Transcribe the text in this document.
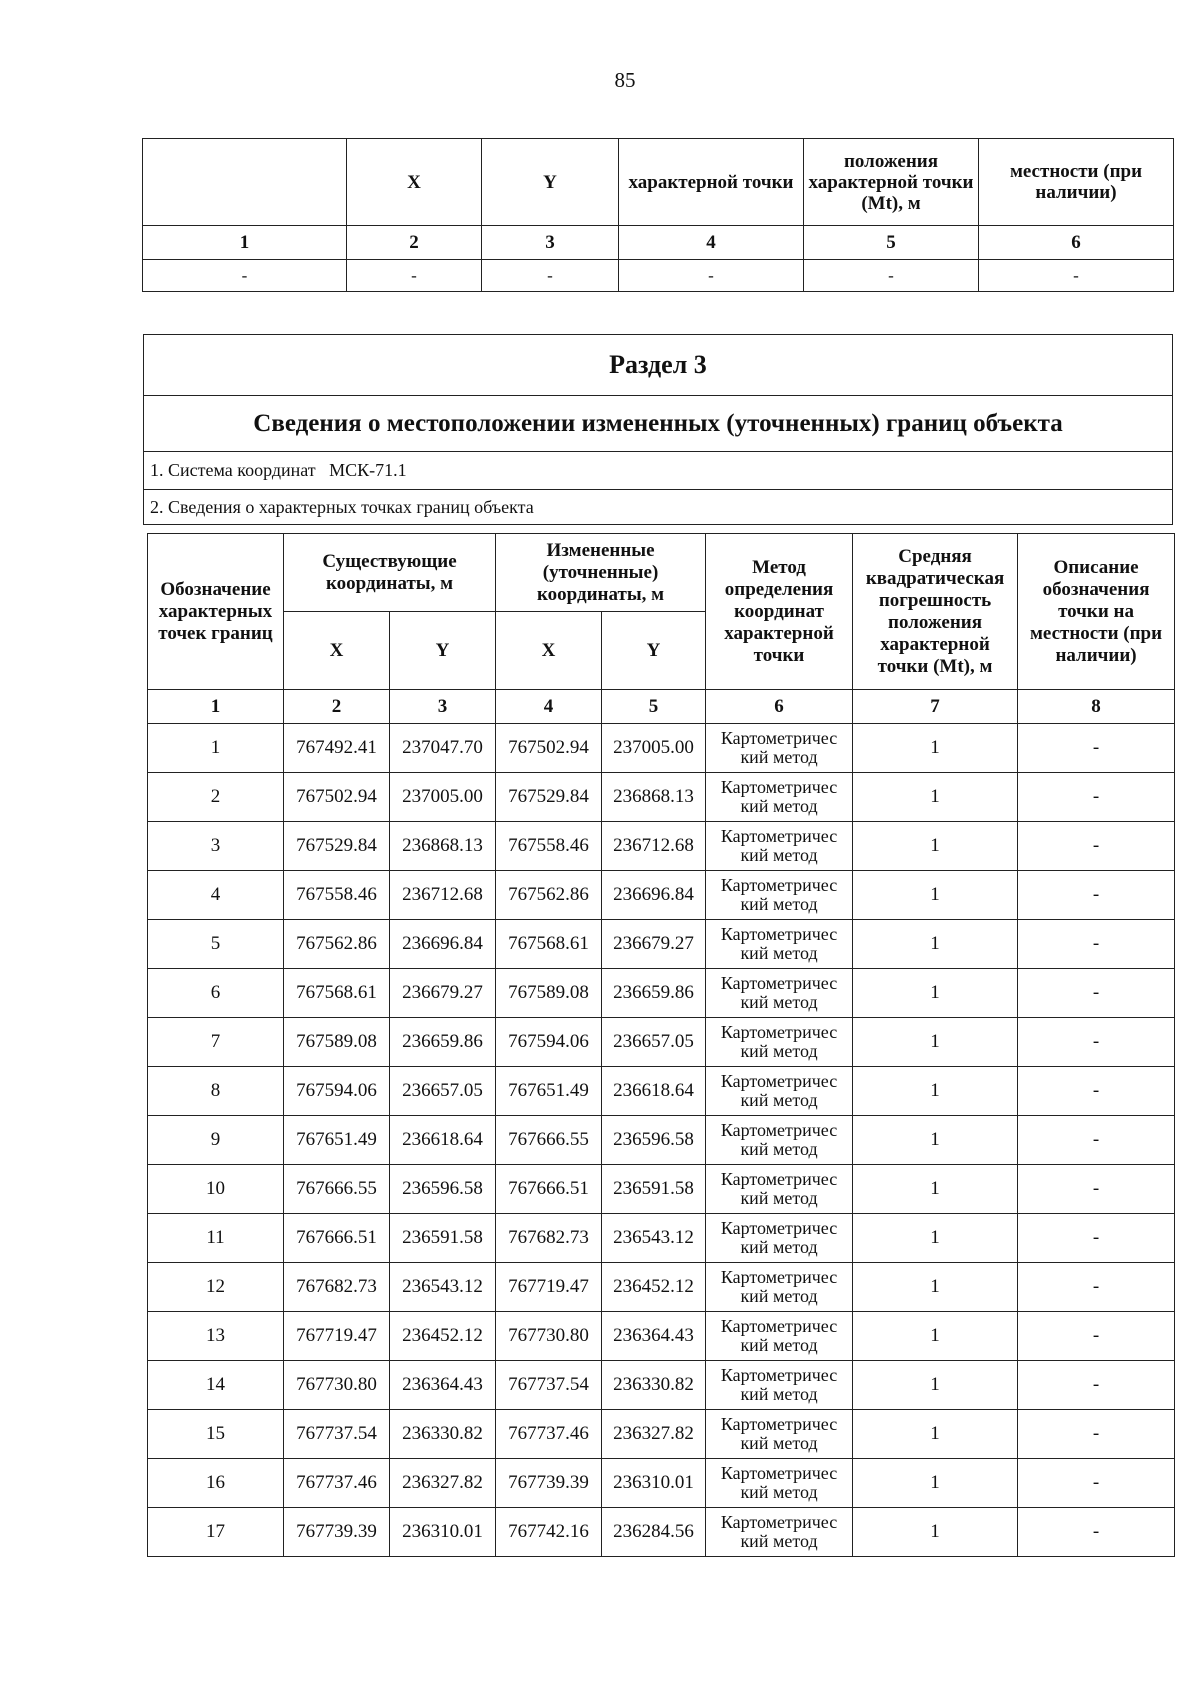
85
	X	Y	характерной точки	положения характерной точки (Mt), м	местности (при наличии)
1	2	3	4	5	6
-	-	-	-	-	-
Раздел 3
Сведения о местоположении измененных (уточненных) границ объекта
1. Система координат   МСК-71.1
2. Сведения о характерных точках границ объекта
Обозначение характерных точек границ	Существующие координаты, м		Измененные (уточненные) координаты, м		Метод определения координат характерной точки	Средняя квадратическая погрешность положения характерной точки (Mt), м	Описание обозначения точки на местности (при наличии)
	X	Y	X	Y			
1	2	3	4	5	6	7	8
1	767492.41	237047.70	767502.94	237005.00	Картометричес кий метод	1	-
2	767502.94	237005.00	767529.84	236868.13	Картометричес кий метод	1	-
3	767529.84	236868.13	767558.46	236712.68	Картометричес кий метод	1	-
4	767558.46	236712.68	767562.86	236696.84	Картометричес кий метод	1	-
5	767562.86	236696.84	767568.61	236679.27	Картометричес кий метод	1	-
6	767568.61	236679.27	767589.08	236659.86	Картометричес кий метод	1	-
7	767589.08	236659.86	767594.06	236657.05	Картометричес кий метод	1	-
8	767594.06	236657.05	767651.49	236618.64	Картометричес кий метод	1	-
9	767651.49	236618.64	767666.55	236596.58	Картометричес кий метод	1	-
10	767666.55	236596.58	767666.51	236591.58	Картометричес кий метод	1	-
11	767666.51	236591.58	767682.73	236543.12	Картометричес кий метод	1	-
12	767682.73	236543.12	767719.47	236452.12	Картометричес кий метод	1	-
13	767719.47	236452.12	767730.80	236364.43	Картометричес кий метод	1	-
14	767730.80	236364.43	767737.54	236330.82	Картометричес кий метод	1	-
15	767737.54	236330.82	767737.46	236327.82	Картометричес кий метод	1	-
16	767737.46	236327.82	767739.39	236310.01	Картометричес кий метод	1	-
17	767739.39	236310.01	767742.16	236284.56	Картометричес кий метод	1	-
